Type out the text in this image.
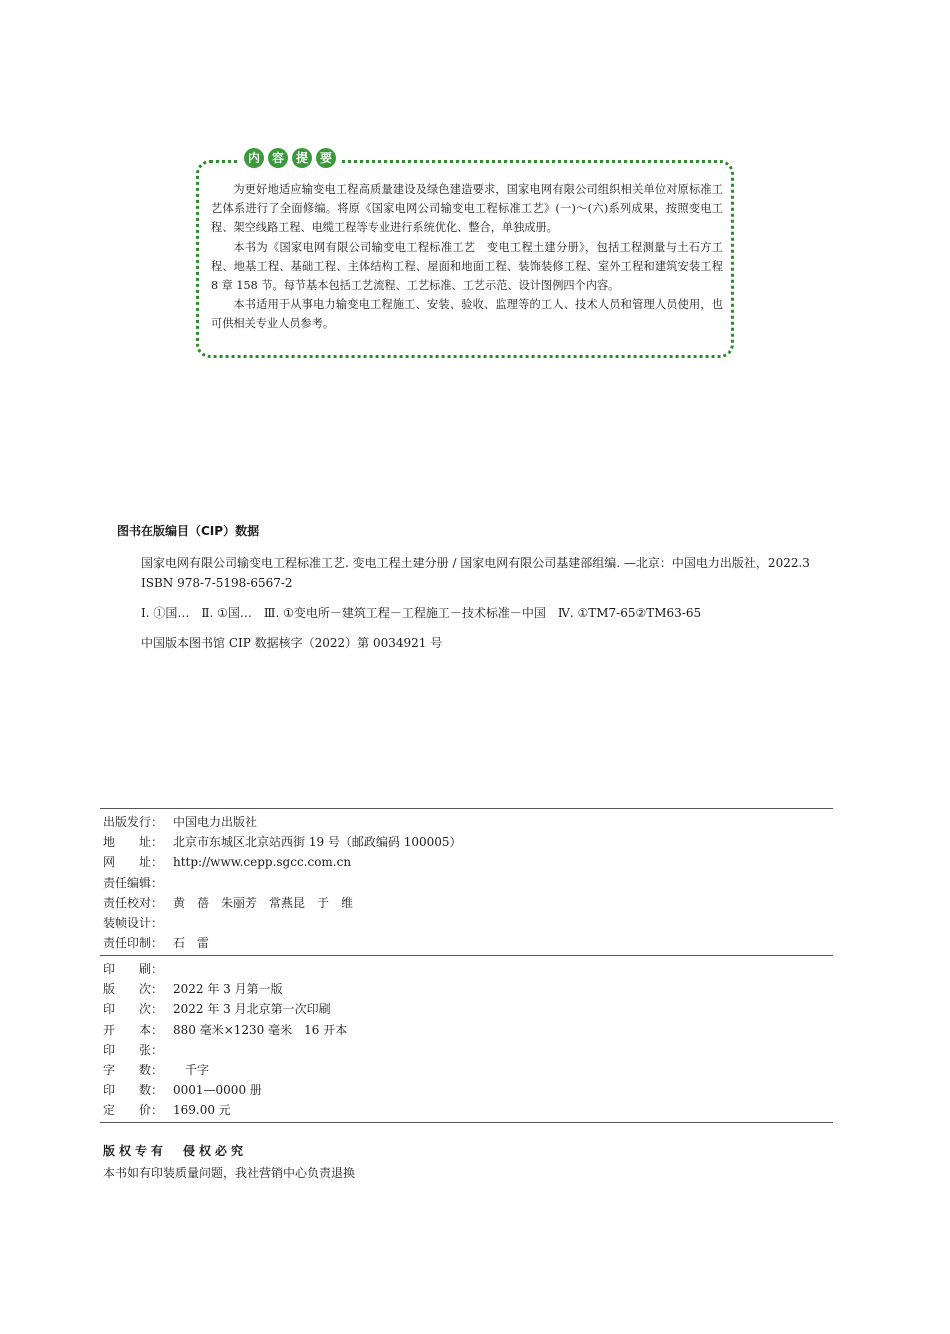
内 容 提 要

为更好地适应输变电工程高质量建设及绿色建造要求，国家电网有限公司组织相关单位对原标准工艺体系进行了全面修编。将原《国家电网公司输变电工程标准工艺》(一)～(六)系列成果，按照变电工程、架空线路工程、电缆工程等专业进行系统优化、整合，单独成册。

本书为《国家电网有限公司输变电工程标准工艺　变电工程土建分册》，包括工程测量与土石方工程、地基工程、基础工程、主体结构工程、屋面和地面工程、装饰装修工程、室外工程和建筑安装工程 8 章 158 节。每节基本包括工艺流程、工艺标准、工艺示范、设计图例四个内容。

本书适用于从事电力输变电工程施工、安装、验收、监理等的工人、技术人员和管理人员使用，也可供相关专业人员参考。

图书在版编目（CIP）数据
　　国家电网有限公司输变电工程标准工艺. 变电工程土建分册 / 国家电网有限公司基建部组编. —北京：中国电力出版社，2022.3
　　ISBN 978-7-5198-6567-2
　　Ⅰ. ①国…　Ⅱ. ①国…　Ⅲ. ①变电所－建筑工程－工程施工－技术标准－中国　Ⅳ. ①TM7-65②TM63-65
　　中国版本图书馆 CIP 数据核字（2022）第 0034921 号
出版发行： 中国电力出版社
地　　址： 北京市东城区北京站西街 19 号（邮政编码 100005）
网　　址： http://www.cepp.sgcc.com.cn
责任编辑：
责任校对： 黄　蓓　朱丽芳　常燕昆　于　维
装帧设计：
责任印制： 石　雷
印　　刷：
版　　次： 2022 年 3 月第一版
印　　次： 2022 年 3 月北京第一次印刷
开　　本： 880 毫米×1230 毫米　16 开本
印　　张：
字　　数： 　千字
印　　数： 0001—0000 册
定　　价： 169.00 元
版权专有　侵权必究
本书如有印装质量问题，我社营销中心负责退换
